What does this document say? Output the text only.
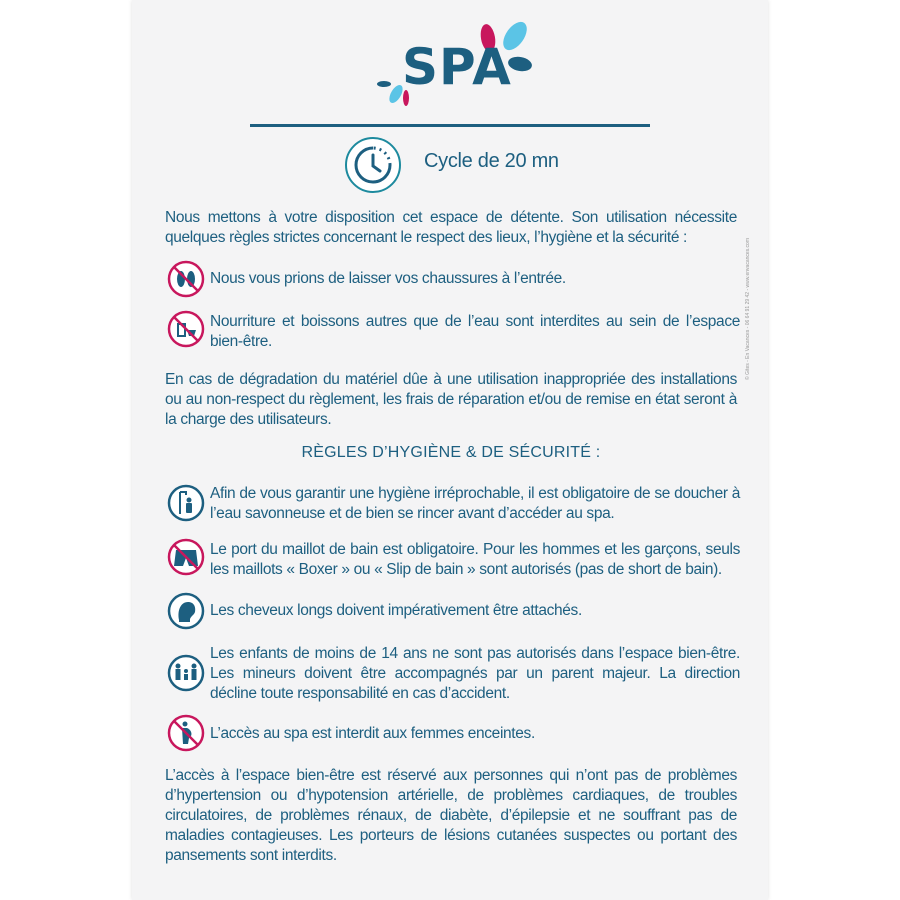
SPA
Cycle de 20 mn
Nous mettons à votre disposition cet espace de détente. Son utilisation nécessite quelques règles strictes concernant le respect des lieux, l’hygiène et la sécurité :
Nous vous prions de laisser vos chaussures à l’entrée.
Nourriture et boissons autres que de l’eau sont interdites au sein de l’espace bien-être.
En cas de dégradation du matériel dûe à une utilisation inappropriée des installations ou au non-respect du règlement, les frais de réparation et/ou de remise en état seront à la charge des utilisateurs.
RÈGLES D’HYGIÈNE & DE SÉCURITÉ :
Afin de vous garantir une hygiène irréprochable, il est obligatoire de se doucher à l’eau savonneuse et de bien se rincer avant d’accéder au spa.
Le port du maillot de bain est obligatoire. Pour les hommes et les garçons, seuls les maillots « Boxer » ou « Slip de bain » sont autorisés (pas de short de bain).
Les cheveux longs doivent impérativement être attachés.
Les enfants de moins de 14 ans ne sont pas autorisés dans l’espace bien-être. Les mineurs doivent être accompagnés par un parent majeur. La direction décline toute responsabilité en cas d’accident.
L’accès au spa est interdit aux femmes enceintes.
L’accès à l’espace bien-être est réservé aux personnes qui n’ont pas de problèmes d’hypertension ou d’hypotension artérielle, de problèmes cardiaques, de troubles circulatoires, de problèmes rénaux, de diabète, d’épilepsie et ne souffrant pas de maladies contagieuses. Les porteurs de lésions cutanées suspectes ou portant des pansements sont interdits.
© Gites - En Vacances - 06 64 91 29 42 - www.envacances.com
